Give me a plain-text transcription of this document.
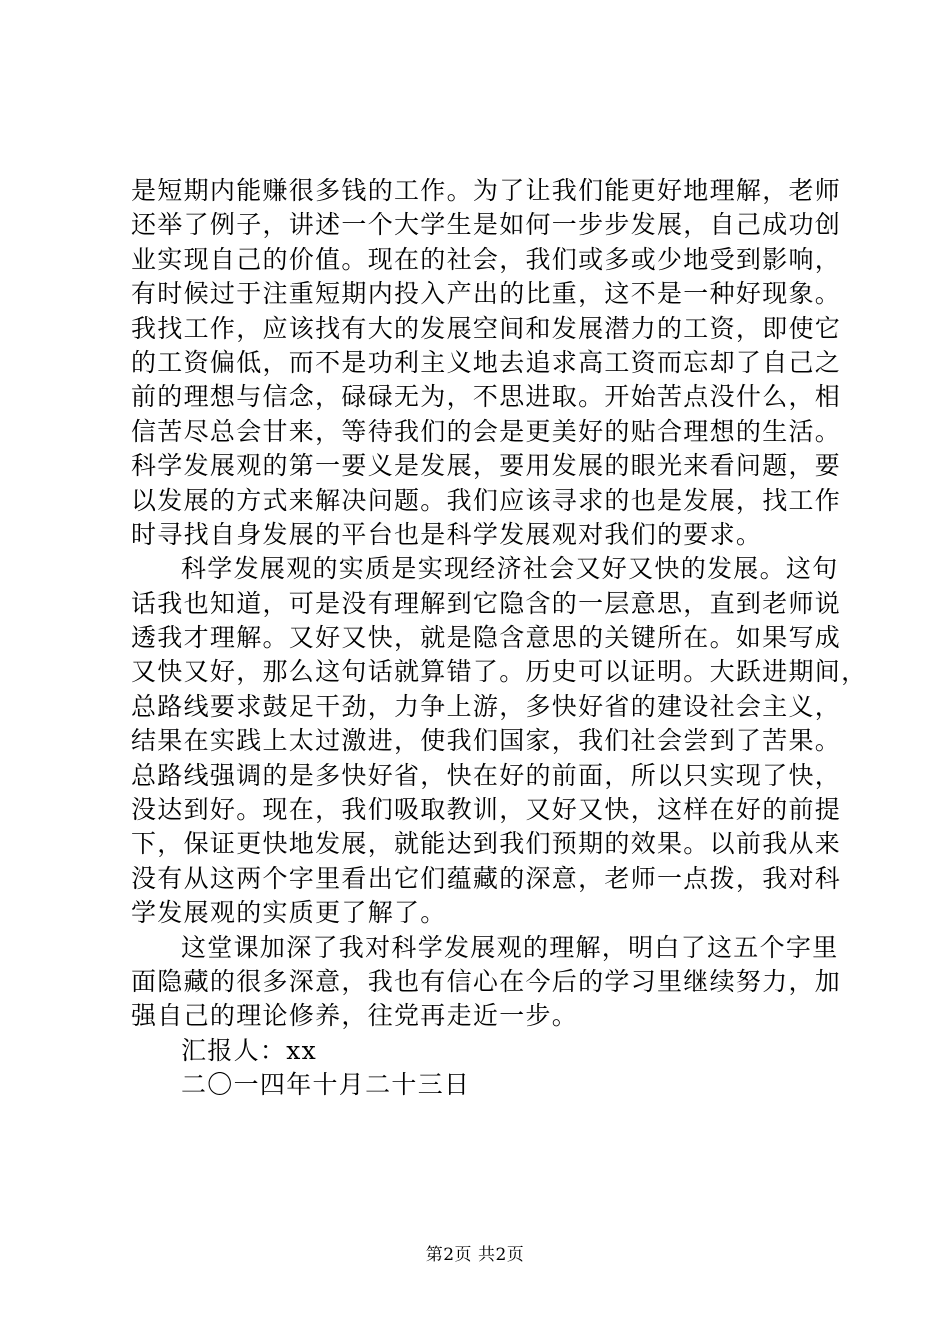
是短期内能赚很多钱的工作。为了让我们能更好地理解，老师
还举了例子，讲述一个大学生是如何一步步发展，自己成功创
业实现自己的价值。现在的社会，我们或多或少地受到影响，
有时候过于注重短期内投入产出的比重，这不是一种好现象。
我找工作，应该找有大的发展空间和发展潜力的工资，即使它
的工资偏低，而不是功利主义地去追求高工资而忘却了自己之
前的理想与信念，碌碌无为，不思进取。开始苦点没什么，相
信苦尽总会甘来，等待我们的会是更美好的贴合理想的生活。
科学发展观的第一要义是发展，要用发展的眼光来看问题，要
以发展的方式来解决问题。我们应该寻求的也是发展，找工作
时寻找自身发展的平台也是科学发展观对我们的要求。
科学发展观的实质是实现经济社会又好又快的发展。这句
话我也知道，可是没有理解到它隐含的一层意思，直到老师说
透我才理解。又好又快，就是隐含意思的关键所在。如果写成
又快又好，那么这句话就算错了。历史可以证明。大跃进期间，
总路线要求鼓足干劲，力争上游，多快好省的建设社会主义，
结果在实践上太过激进，使我们国家，我们社会尝到了苦果。
总路线强调的是多快好省，快在好的前面，所以只实现了快，
没达到好。现在，我们吸取教训，又好又快，这样在好的前提
下，保证更快地发展，就能达到我们预期的效果。以前我从来
没有从这两个字里看出它们蕴藏的深意，老师一点拨，我对科
学发展观的实质更了解了。
这堂课加深了我对科学发展观的理解，明白了这五个字里
面隐藏的很多深意，我也有信心在今后的学习里继续努力，加
强自己的理论修养，往党再走近一步。
汇报人：xx
二〇一四年十月二十三日
第2页 共2页
